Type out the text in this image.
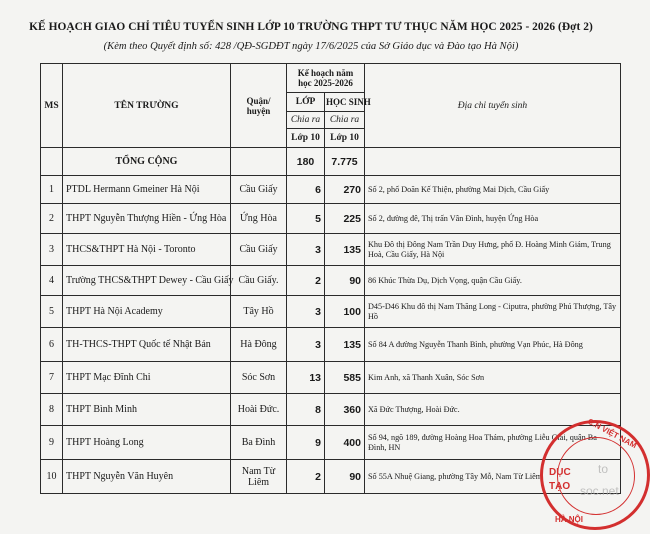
KẾ HOẠCH GIAO CHỈ TIÊU TUYỂN SINH LỚP 10 TRƯỜNG THPT TƯ THỤC NĂM HỌC 2025 - 2026 (Đợt 2)
(Kèm theo Quyết định số: 428 /QĐ-SGDĐT ngày 17/6/2025 của Sở Giáo dục và Đào tạo Hà Nội)
MS	TÊN TRƯỜNG	Quận/ huyện	Kế hoạch năm học 2025-2026		Địa chỉ tuyển sinh
			LỚP	HỌC SINH	
			Chia ra	Chia ra	
			Lớp 10	Lớp 10	
	TỔNG CỘNG		180	7.775	
1	PTDL Hermann Gmeiner Hà Nội	Cầu Giấy	6	270	Số 2, phố Doãn Kế Thiện, phường Mai Dịch, Cầu Giấy
2	THPT Nguyễn Thượng Hiền - Ứng Hòa	Ứng Hòa	5	225	Số 2, đường đê, Thị trấn Vân Đình, huyện Ứng Hòa
3	THCS&THPT Hà Nội - Toronto	Cầu Giấy	3	135	Khu Đô thị Đông Nam Trần Duy Hưng, phố Đ. Hoàng Minh Giám, Trung Hoà, Cầu Giấy, Hà Nội
4	Trường THCS&THPT Dewey - Cầu Giấy	Cầu Giấy.	2	90	86 Khúc Thừa Dụ, Dịch Vọng, quận Cầu Giấy.
5	THPT Hà Nội Academy	Tây Hồ	3	100	D45-D46 Khu đô thị Nam Thăng Long - Ciputra, phường Phú Thượng, Tây Hồ
6	TH-THCS-THPT Quốc tế Nhật Bản	Hà Đông	3	135	Số 84 A đường Nguyễn Thanh Bình, phường Vạn Phúc, Hà Đông
7	THPT Mạc Đĩnh Chi	Sóc Sơn	13	585	Kim Anh, xã Thanh Xuân, Sóc Sơn
8	THPT Bình Minh	Hoài Đức.	8	360	Xã Đức Thượng, Hoài Đức.
9	THPT Hoàng Long	Ba Đình	9	400	Số 94, ngõ 189, đường Hoàng Hoa Thám, phường Liễu Giai, quận Ba Đình, HN
10	THPT Nguyễn Văn Huyên	Nam Từ Liêm	2	90	Số 55A Nhuệ Giang, phường Tây Mỗ, Nam Từ Liêm
C.N VIỆT NAM
DỤC
TẠO
HÀ NỘI
to
soc.net
